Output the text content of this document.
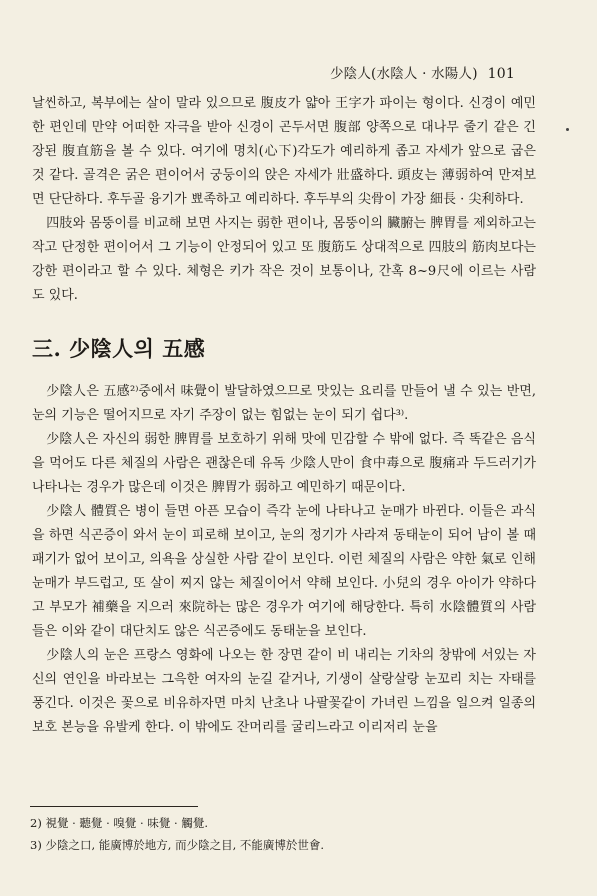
少陰人(水陰人 · 水陽人) 101

날씬하고, 복부에는 살이 말라 있으므로 腹皮가 얇아 王字가 파이는 형이다. 신경이 예민한 편인데 만약 어떠한 자극을 받아 신경이 곤두서면 腹部 양쪽으로 대나무 줄기 같은 긴장된 腹直筋을 볼 수 있다. 여기에 명치(心下)각도가 예리하게 좁고 자세가 앞으로 굽은 것 같다. 골격은 굵은 편이어서 궁둥이의 앉은 자세가 壯盛하다. 頭皮는 薄弱하여 만져보면 단단하다. 후두골 융기가 뾰족하고 예리하다. 후두부의 尖骨이 가장 細長 · 尖利하다.

四肢와 몸뚱이를 비교해 보면 사지는 弱한 편이나, 몸뚱이의 臟腑는 脾胃를 제외하고는 작고 단정한 편이어서 그 기능이 안정되어 있고 또 腹筋도 상대적으로 四肢의 筋肉보다는 강한 편이라고 할 수 있다. 체형은 키가 작은 것이 보통이나, 간혹 8~9尺에 이르는 사람도 있다.

三. 少陰人의 五感

少陰人은 五感²⁾중에서 味覺이 발달하였으므로 맛있는 요리를 만들어 낼 수 있는 반면, 눈의 기능은 떨어지므로 자기 주장이 없는 힘없는 눈이 되기 쉽다³⁾.

少陰人은 자신의 弱한 脾胃를 보호하기 위해 맛에 민감할 수 밖에 없다. 즉 똑같은 음식을 먹어도 다른 체질의 사람은 괜찮은데 유독 少陰人만이 食中毒으로 腹痛과 두드러기가 나타나는 경우가 많은데 이것은 脾胃가 弱하고 예민하기 때문이다.

少陰人 體質은 병이 들면 아픈 모습이 즉각 눈에 나타나고 눈매가 바뀐다. 이들은 과식을 하면 식곤증이 와서 눈이 피로해 보이고, 눈의 정기가 사라져 동태눈이 되어 남이 볼 때 패기가 없어 보이고, 의욕을 상실한 사람 같이 보인다. 이런 체질의 사람은 약한 氣로 인해 눈매가 부드럽고, 또 살이 찌지 않는 체질이어서 약해 보인다. 小兒의 경우 아이가 약하다고 부모가 補藥을 지으러 來院하는 많은 경우가 여기에 해당한다. 특히 水陰體質의 사람들은 이와 같이 대단치도 않은 식곤증에도 동태눈을 보인다.

少陰人의 눈은 프랑스 영화에 나오는 한 장면 같이 비 내리는 기차의 창밖에 서있는 자신의 연인을 바라보는 그윽한 여자의 눈길 같거나, 기생이 살랑살랑 눈꼬리 치는 자태를 풍긴다. 이것은 꽃으로 비유하자면 마치 난초나 나팔꽃같이 가녀린 느낌을 일으켜 일종의 보호 본능을 유발케 한다. 이 밖에도 잔머리를 굴리느라고 이리저리 눈을

2) 視覺 · 聽覺 · 嗅覺 · 味覺 · 觸覺.

3) 少陰之口, 能廣博於地方, 而少陰之目, 不能廣博於世會.
